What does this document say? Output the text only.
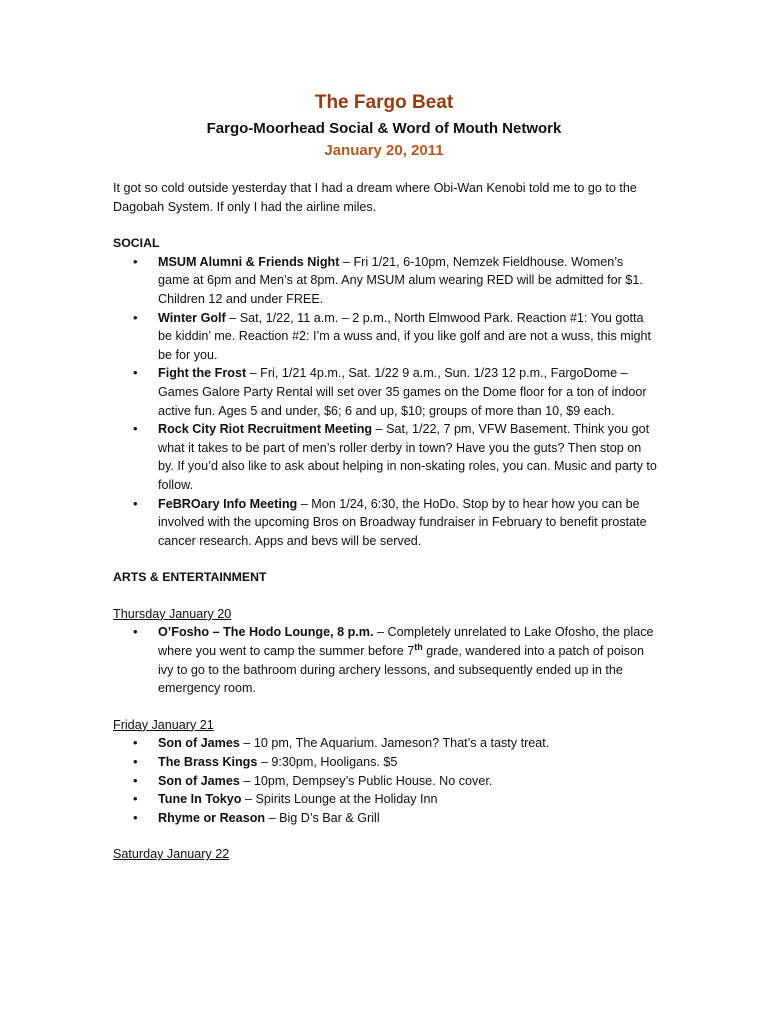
The Fargo Beat
Fargo-Moorhead Social & Word of Mouth Network
January 20, 2011

It got so cold outside yesterday that I had a dream where Obi-Wan Kenobi told me to go to the Dagobah System. If only I had the airline miles.

SOCIAL
• MSUM Alumni & Friends Night – Fri 1/21, 6-10pm, Nemzek Fieldhouse. Women’s game at 6pm and Men’s at 8pm. Any MSUM alum wearing RED will be admitted for $1. Children 12 and under FREE.
• Winter Golf – Sat, 1/22, 11 a.m. – 2 p.m., North Elmwood Park. Reaction #1: You gotta be kiddin’ me. Reaction #2: I’m a wuss and, if you like golf and are not a wuss, this might be for you.
• Fight the Frost – Fri, 1/21 4p.m., Sat. 1/22 9 a.m., Sun. 1/23 12 p.m., FargoDome – Games Galore Party Rental will set over 35 games on the Dome floor for a ton of indoor active fun. Ages 5 and under, $6; 6 and up, $10; groups of more than 10, $9 each.
• Rock City Riot Recruitment Meeting – Sat, 1/22, 7 pm, VFW Basement. Think you got what it takes to be part of men’s roller derby in town? Have you the guts? Then stop on by. If you’d also like to ask about helping in non-skating roles, you can. Music and party to follow.
• FeBROary Info Meeting – Mon 1/24, 6:30, the HoDo. Stop by to hear how you can be involved with the upcoming Bros on Broadway fundraiser in February to benefit prostate cancer research. Apps and bevs will be served.
ARTS & ENTERTAINMENT
Thursday January 20
• O’Fosho – The Hodo Lounge, 8 p.m. – Completely unrelated to Lake Ofosho, the place where you went to camp the summer before 7th grade, wandered into a patch of poison ivy to go to the bathroom during archery lessons, and subsequently ended up in the emergency room.
Friday January 21
• Son of James – 10 pm, The Aquarium. Jameson? That’s a tasty treat.
• The Brass Kings – 9:30pm, Hooligans. $5
• Son of James – 10pm, Dempsey’s Public House. No cover.
• Tune In Tokyo – Spirits Lounge at the Holiday Inn
• Rhyme or Reason – Big D’s Bar & Grill
Saturday January 22
